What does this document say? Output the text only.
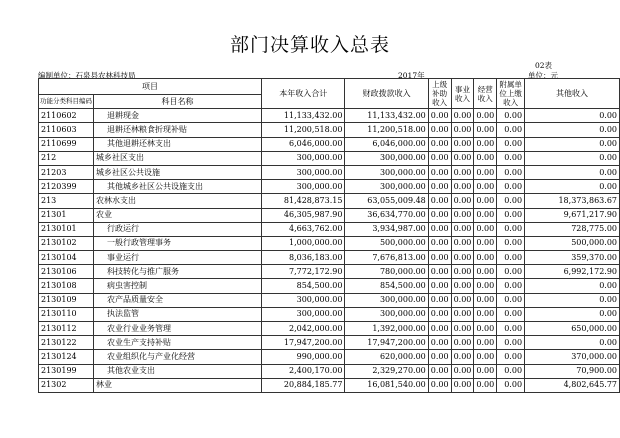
部门决算收入总表
02表
编制单位：石泉县农林科技局	2017年	单位：元
项目		本年收入合计	财政拨款收入	上级补助收入	事业收入	经营收入	附属单位上缴收入	其他收入
功能分类科目编码	科目名称							
2110602	退耕现金	11,133,432.00	11,133,432.00	0.00	0.00	0.00	0.00	0.00
2110603	退耕还林粮食折现补贴	11,200,518.00	11,200,518.00	0.00	0.00	0.00	0.00	0.00
2110699	其他退耕还林支出	6,046,000.00	6,046,000.00	0.00	0.00	0.00	0.00	0.00
212	城乡社区支出	300,000.00	300,000.00	0.00	0.00	0.00	0.00	0.00
21203	城乡社区公共设施	300,000.00	300,000.00	0.00	0.00	0.00	0.00	0.00
2120399	其他城乡社区公共设施支出	300,000.00	300,000.00	0.00	0.00	0.00	0.00	0.00
213	农林水支出	81,428,873.15	63,055,009.48	0.00	0.00	0.00	0.00	18,373,863.67
21301	农业	46,305,987.90	36,634,770.00	0.00	0.00	0.00	0.00	9,671,217.90
2130101	行政运行	4,663,762.00	3,934,987.00	0.00	0.00	0.00	0.00	728,775.00
2130102	一般行政管理事务	1,000,000.00	500,000.00	0.00	0.00	0.00	0.00	500,000.00
2130104	事业运行	8,036,183.00	7,676,813.00	0.00	0.00	0.00	0.00	359,370.00
2130106	科技转化与推广服务	7,772,172.90	780,000.00	0.00	0.00	0.00	0.00	6,992,172.90
2130108	病虫害控制	854,500.00	854,500.00	0.00	0.00	0.00	0.00	0.00
2130109	农产品质量安全	300,000.00	300,000.00	0.00	0.00	0.00	0.00	0.00
2130110	执法监管	300,000.00	300,000.00	0.00	0.00	0.00	0.00	0.00
2130112	农业行业业务管理	2,042,000.00	1,392,000.00	0.00	0.00	0.00	0.00	650,000.00
2130122	农业生产支持补贴	17,947,200.00	17,947,200.00	0.00	0.00	0.00	0.00	0.00
2130124	农业组织化与产业化经营	990,000.00	620,000.00	0.00	0.00	0.00	0.00	370,000.00
2130199	其他农业支出	2,400,170.00	2,329,270.00	0.00	0.00	0.00	0.00	70,900.00
21302	林业	20,884,185.77	16,081,540.00	0.00	0.00	0.00	0.00	4,802,645.77
